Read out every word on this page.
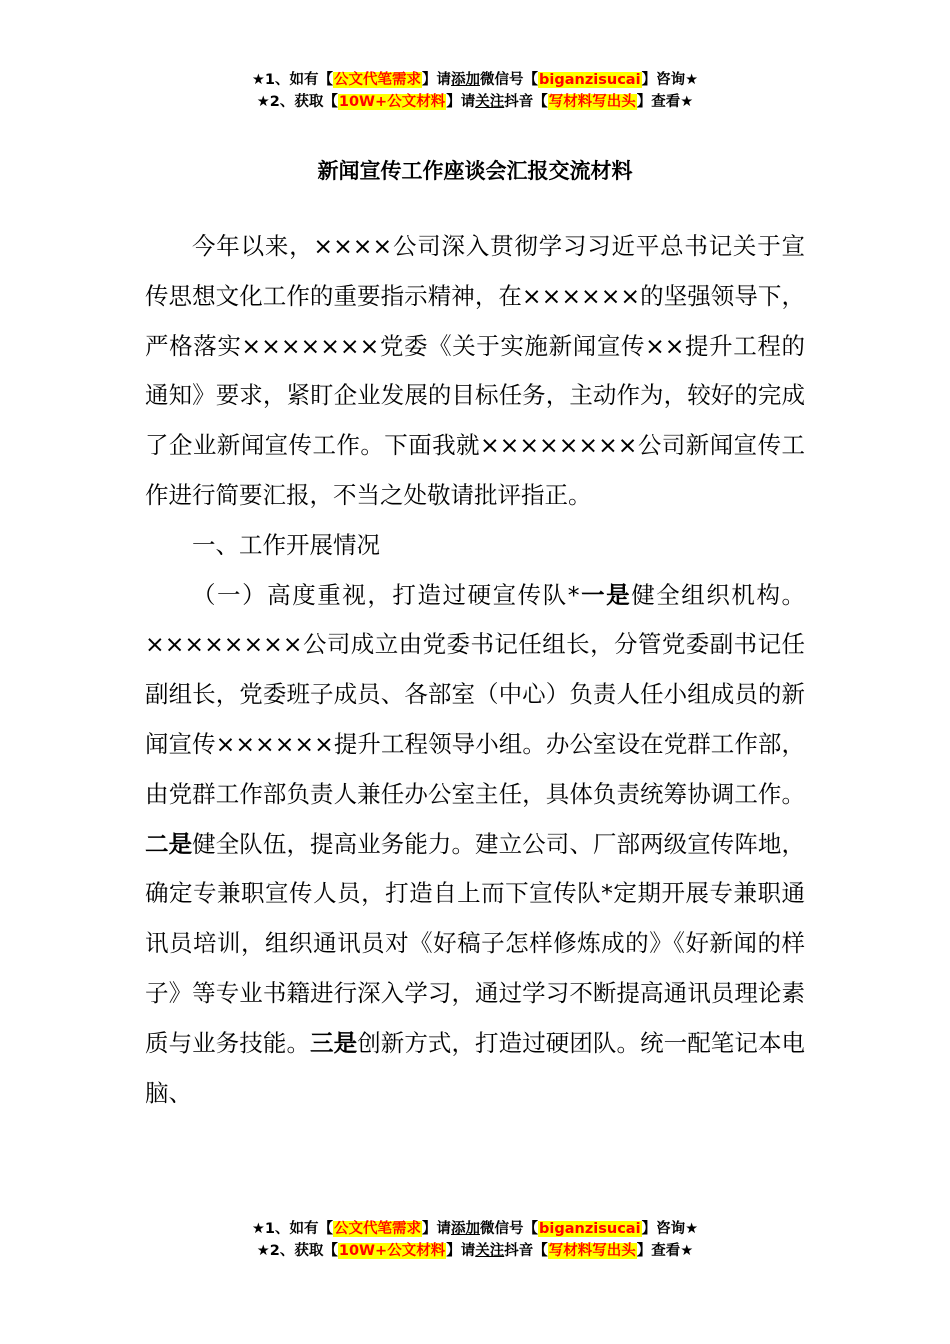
★1、如有【公文代笔需求】请添加微信号【biganzisucai】咨询★
★2、获取【10W+公文材料】请关注抖音【写材料写出头】查看★
新闻宣传工作座谈会汇报交流材料

今年以来，××××公司深入贯彻学习习近平总书记关于宣传思想文化工作的重要指示精神，在××××××的坚强领导下，严格落实×××××××党委《关于实施新闻宣传××提升工程的通知》要求，紧盯企业发展的目标任务，主动作为，较好的完成了企业新闻宣传工作。下面我就××××××××公司新闻宣传工作进行简要汇报，不当之处敬请批评指正。

一、工作开展情况

（一）高度重视，打造过硬宣传队*一是健全组织机构。××××××××公司成立由党委书记任组长，分管党委副书记任副组长，党委班子成员、各部室（中心）负责人任小组成员的新闻宣传××××××提升工程领导小组。办公室设在党群工作部，由党群工作部负责人兼任办公室主任，具体负责统筹协调工作。二是健全队伍，提高业务能力。建立公司、厂部两级宣传阵地，确定专兼职宣传人员，打造自上而下宣传队*定期开展专兼职通讯员培训，组织通讯员对《好稿子怎样修炼成的》《好新闻的样子》等专业书籍进行深入学习，通过学习不断提高通讯员理论素质与业务技能。三是创新方式，打造过硬团队。统一配笔记本电脑、

★1、如有【公文代笔需求】请添加微信号【biganzisucai】咨询★
★2、获取【10W+公文材料】请关注抖音【写材料写出头】查看★
